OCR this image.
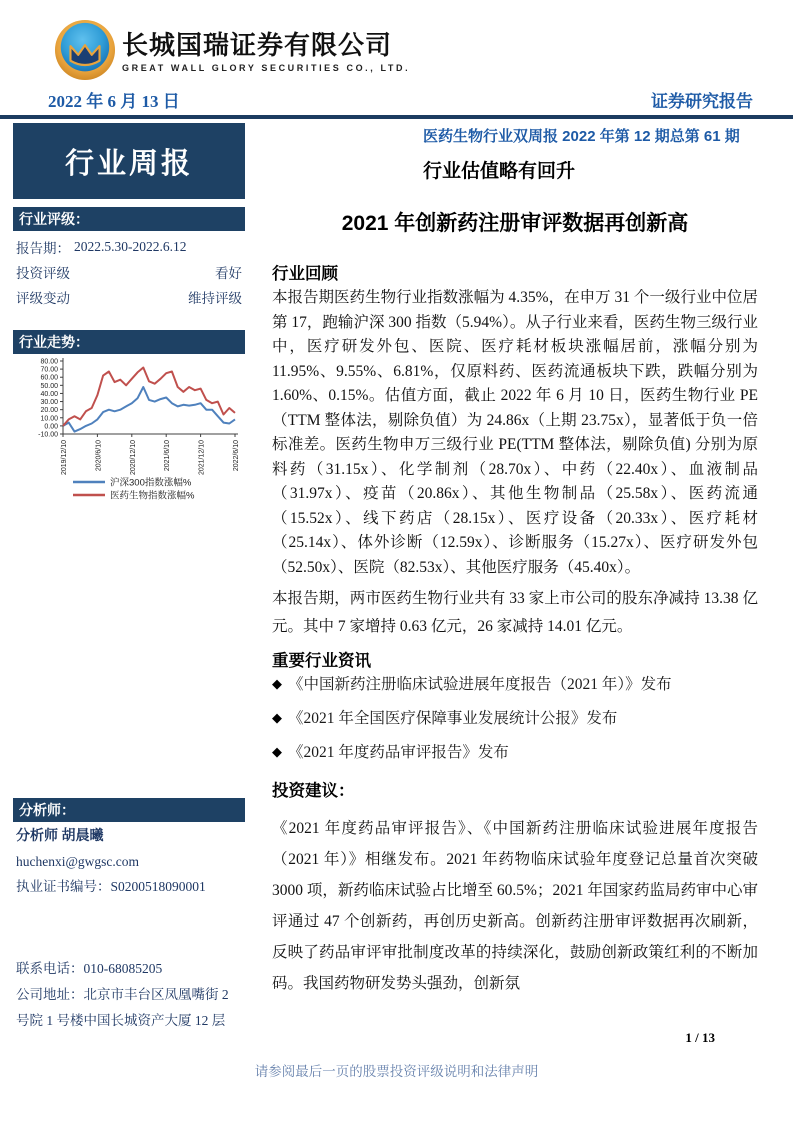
长城国瑞证券有限公司
GREAT WALL GLORY SECURITIES CO., LTD.
2022 年 6 月 13 日	证券研究报告
行业周报
行业评级：
报告期： 2022.5.30-2022.6.12
投资评级	看好
评级变动	维持评级
行业走势：
80.00
70.00
60.00
50.00
40.00
30.00
20.00
10.00
0.00
-10.00
2019/12/10	2020/6/10	2020/12/10	2021/6/10	2021/12/10	2022/6/10
沪深300指数涨幅%
医药生物指数涨幅%
分析师：
分析师 胡晨曦
huchenxi@gwgsc.com
执业证书编号：S0200518090001
联系电话：010-68085205
公司地址：北京市丰台区凤凰嘴街 2 号院 1 号楼中国长城资产大厦 12 层
医药生物行业双周报 2022 年第 12 期总第 61 期
行业估值略有回升
2021 年创新药注册审评数据再创新高
行业回顾

本报告期医药生物行业指数涨幅为 4.35%，在申万 31 个一级行业中位居第 17，跑输沪深 300 指数（5.94%）。从子行业来看，医药生物三级行业中，医疗研发外包、医院、医疗耗材板块涨幅居前，涨幅分别为 11.95%、9.55%、6.81%，仅原料药、医药流通板块下跌，跌幅分别为 1.60%、0.15%。估值方面，截止 2022 年 6 月 10 日，医药生物行业 PE（TTM 整体法，剔除负值）为 24.86x（上期 23.75x），显著低于负一倍标准差。医药生物申万三级行业 PE(TTM 整体法，剔除负值) 分别为原料药（31.15x）、化学制剂（28.70x）、中药（22.40x）、血液制品（31.97x）、疫苗（20.86x）、其他生物制品（25.58x）、医药流通（15.52x）、线下药店（28.15x）、医疗设备（20.33x）、医疗耗材（25.14x）、体外诊断（12.59x）、诊断服务（15.27x）、医疗研发外包（52.50x）、医院（82.53x）、其他医疗服务（45.40x）。

本报告期，两市医药生物行业共有 33 家上市公司的股东净减持 13.38 亿元。其中 7 家增持 0.63 亿元，26 家减持 14.01 亿元。

重要行业资讯
◆ 《中国新药注册临床试验进展年度报告（2021 年）》发布
◆ 《2021 年全国医疗保障事业发展统计公报》发布
◆ 《2021 年度药品审评报告》发布
投资建议：

《2021 年度药品审评报告》、《中国新药注册临床试验进展年度报告（2021 年）》相继发布。2021 年药物临床试验年度登记总量首次突破 3000 项，新药临床试验占比增至 60.5%；2021 年国家药监局药审中心审评通过 47 个创新药，再创历史新高。创新药注册审评数据再次刷新，反映了药品审评审批制度改革的持续深化，鼓励创新政策红利的不断加码。我国药物研发势头强劲，创新氛

1 / 13
请参阅最后一页的股票投资评级说明和法律声明
